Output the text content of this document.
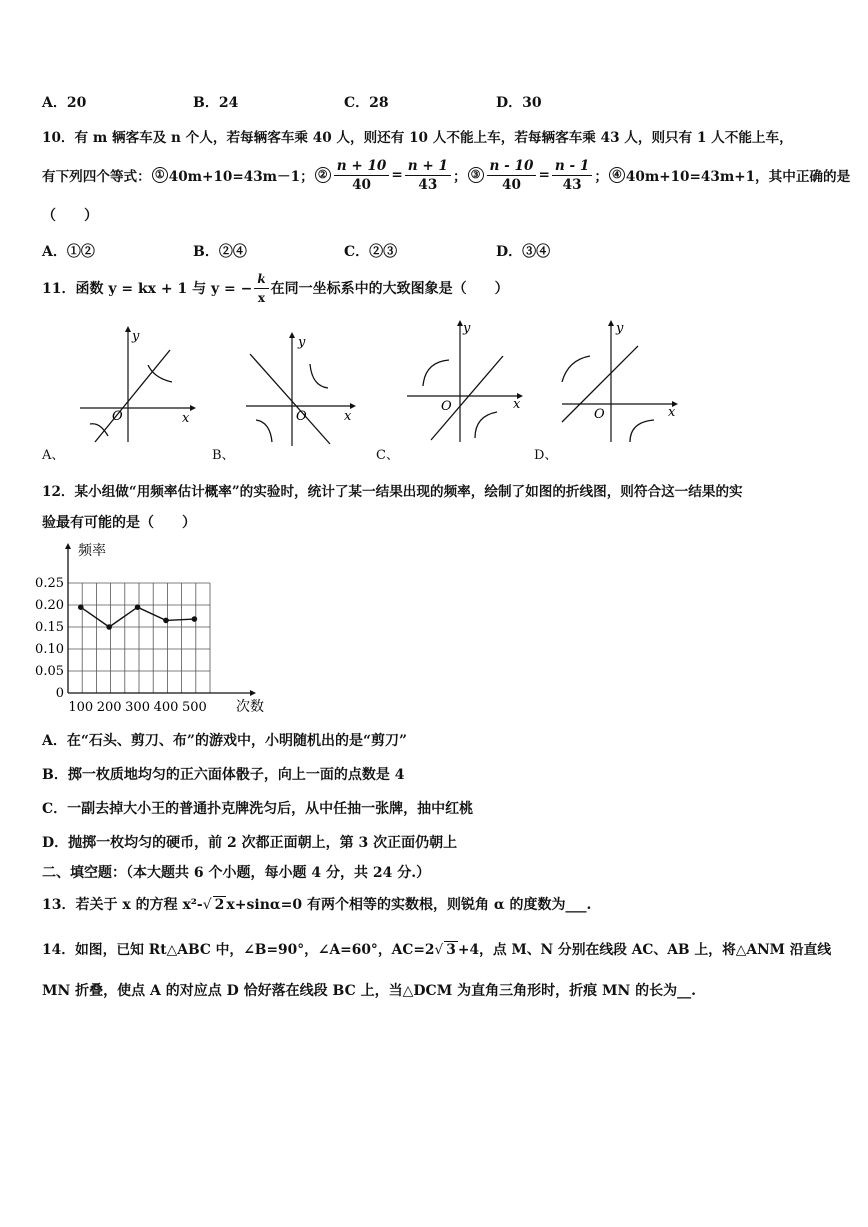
A．20	B．24	C．28	D．30
10．有 m 辆客车及 n 个人，若每辆客车乘 40 人，则还有 10 人不能上车，若每辆客车乘 43 人，则只有 1 人不能上车，
有下列四个等式： ① 40m+10=43m－1； ② $\frac{n + 10}{40} = \frac{n + 1}{43}$ ； ③ $\frac{n - 10}{40} = \frac{n - 1}{43}$ ； ④ 40m+10=43m+1，其中正确的是
（　　）
A．①②	B．②④	C．②③	D．③④
11．函数 y = kx + 1 与 y = − $\frac{k}{x}$ 在同一坐标系中的大致图象是（　　）
y
x
O
A、
y
x
O
B、
y
x
O
C、
y
x
O
D、
12．某小组做“用频率估计概率”的实验时，统计了某一结果出现的频率，绘制了如图的折线图，则符合这一结果的实
验最有可能的是（　　）
0.25
0.20
0.15
0.10
0.05
0
100 200 300 400 500
频率
次数
A．在“石头、剪刀、布”的游戏中，小明随机出的是“剪刀”
B．掷一枚质地均匀的正六面体骰子，向上一面的点数是 4
C．一副去掉大小王的普通扑克牌洗匀后，从中任抽一张牌，抽中红桃
D．抛掷一枚均匀的硬币，前 2 次都正面朝上，第 3 次正面仍朝上
二、填空题：（本大题共 6 个小题，每小题 4 分，共 24 分.）
13．若关于 x 的方程 x²-√ 2 x+sinα=0 有两个相等的实数根，则锐角 α 的度数为___.
14．如图，已知 Rt△ABC 中，∠B=90°，∠A=60°，AC=2√ 3 +4，点 M、N 分别在线段 AC、AB 上，将△ANM 沿直线
MN 折叠，使点 A 的对应点 D 恰好落在线段 BC 上，当△DCM 为直角三角形时，折痕 MN 的长为__.
